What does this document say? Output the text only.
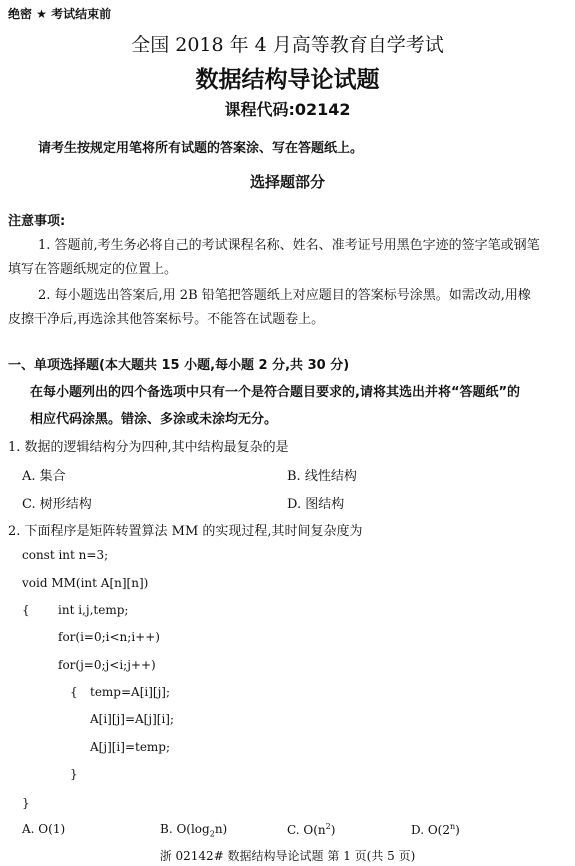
绝密 ★ 考试结束前
全国 2018 年 4 月高等教育自学考试
数据结构导论试题
课程代码:02142
请考生按规定用笔将所有试题的答案涂、写在答题纸上。
选择题部分
注意事项:
1. 答题前,考生务必将自己的考试课程名称、姓名、准考证号用黑色字迹的签字笔或钢笔
填写在答题纸规定的位置上。
2. 每小题选出答案后,用 2B 铅笔把答题纸上对应题目的答案标号涂黑。如需改动,用橡
皮擦干净后,再选涂其他答案标号。不能答在试题卷上。
一、单项选择题(本大题共 15 小题,每小题 2 分,共 30 分)
在每小题列出的四个备选项中只有一个是符合题目要求的,请将其选出并将“答题纸”的
相应代码涂黑。错涂、多涂或未涂均无分。
1. 数据的逻辑结构分为四种,其中结构最复杂的是
A. 集合	B. 线性结构
C. 树形结构	D. 图结构
2. 下面程序是矩阵转置算法 MM 的实现过程,其时间复杂度为
const int n=3;
void MM(int A[n][n])
{ int i,j,temp;
for(i=0;i<n;i++)
for(j=0;j<i;j++)
{ temp=A[i][j];
A[i][j]=A[j][i];
A[j][i]=temp;
}
}
A. O(1)	B. $O(\log_2n)$	C. $O(n^2)$	D. O(2$^n$)
浙 02142# 数据结构导论试题 第 1 页(共 5 页)
